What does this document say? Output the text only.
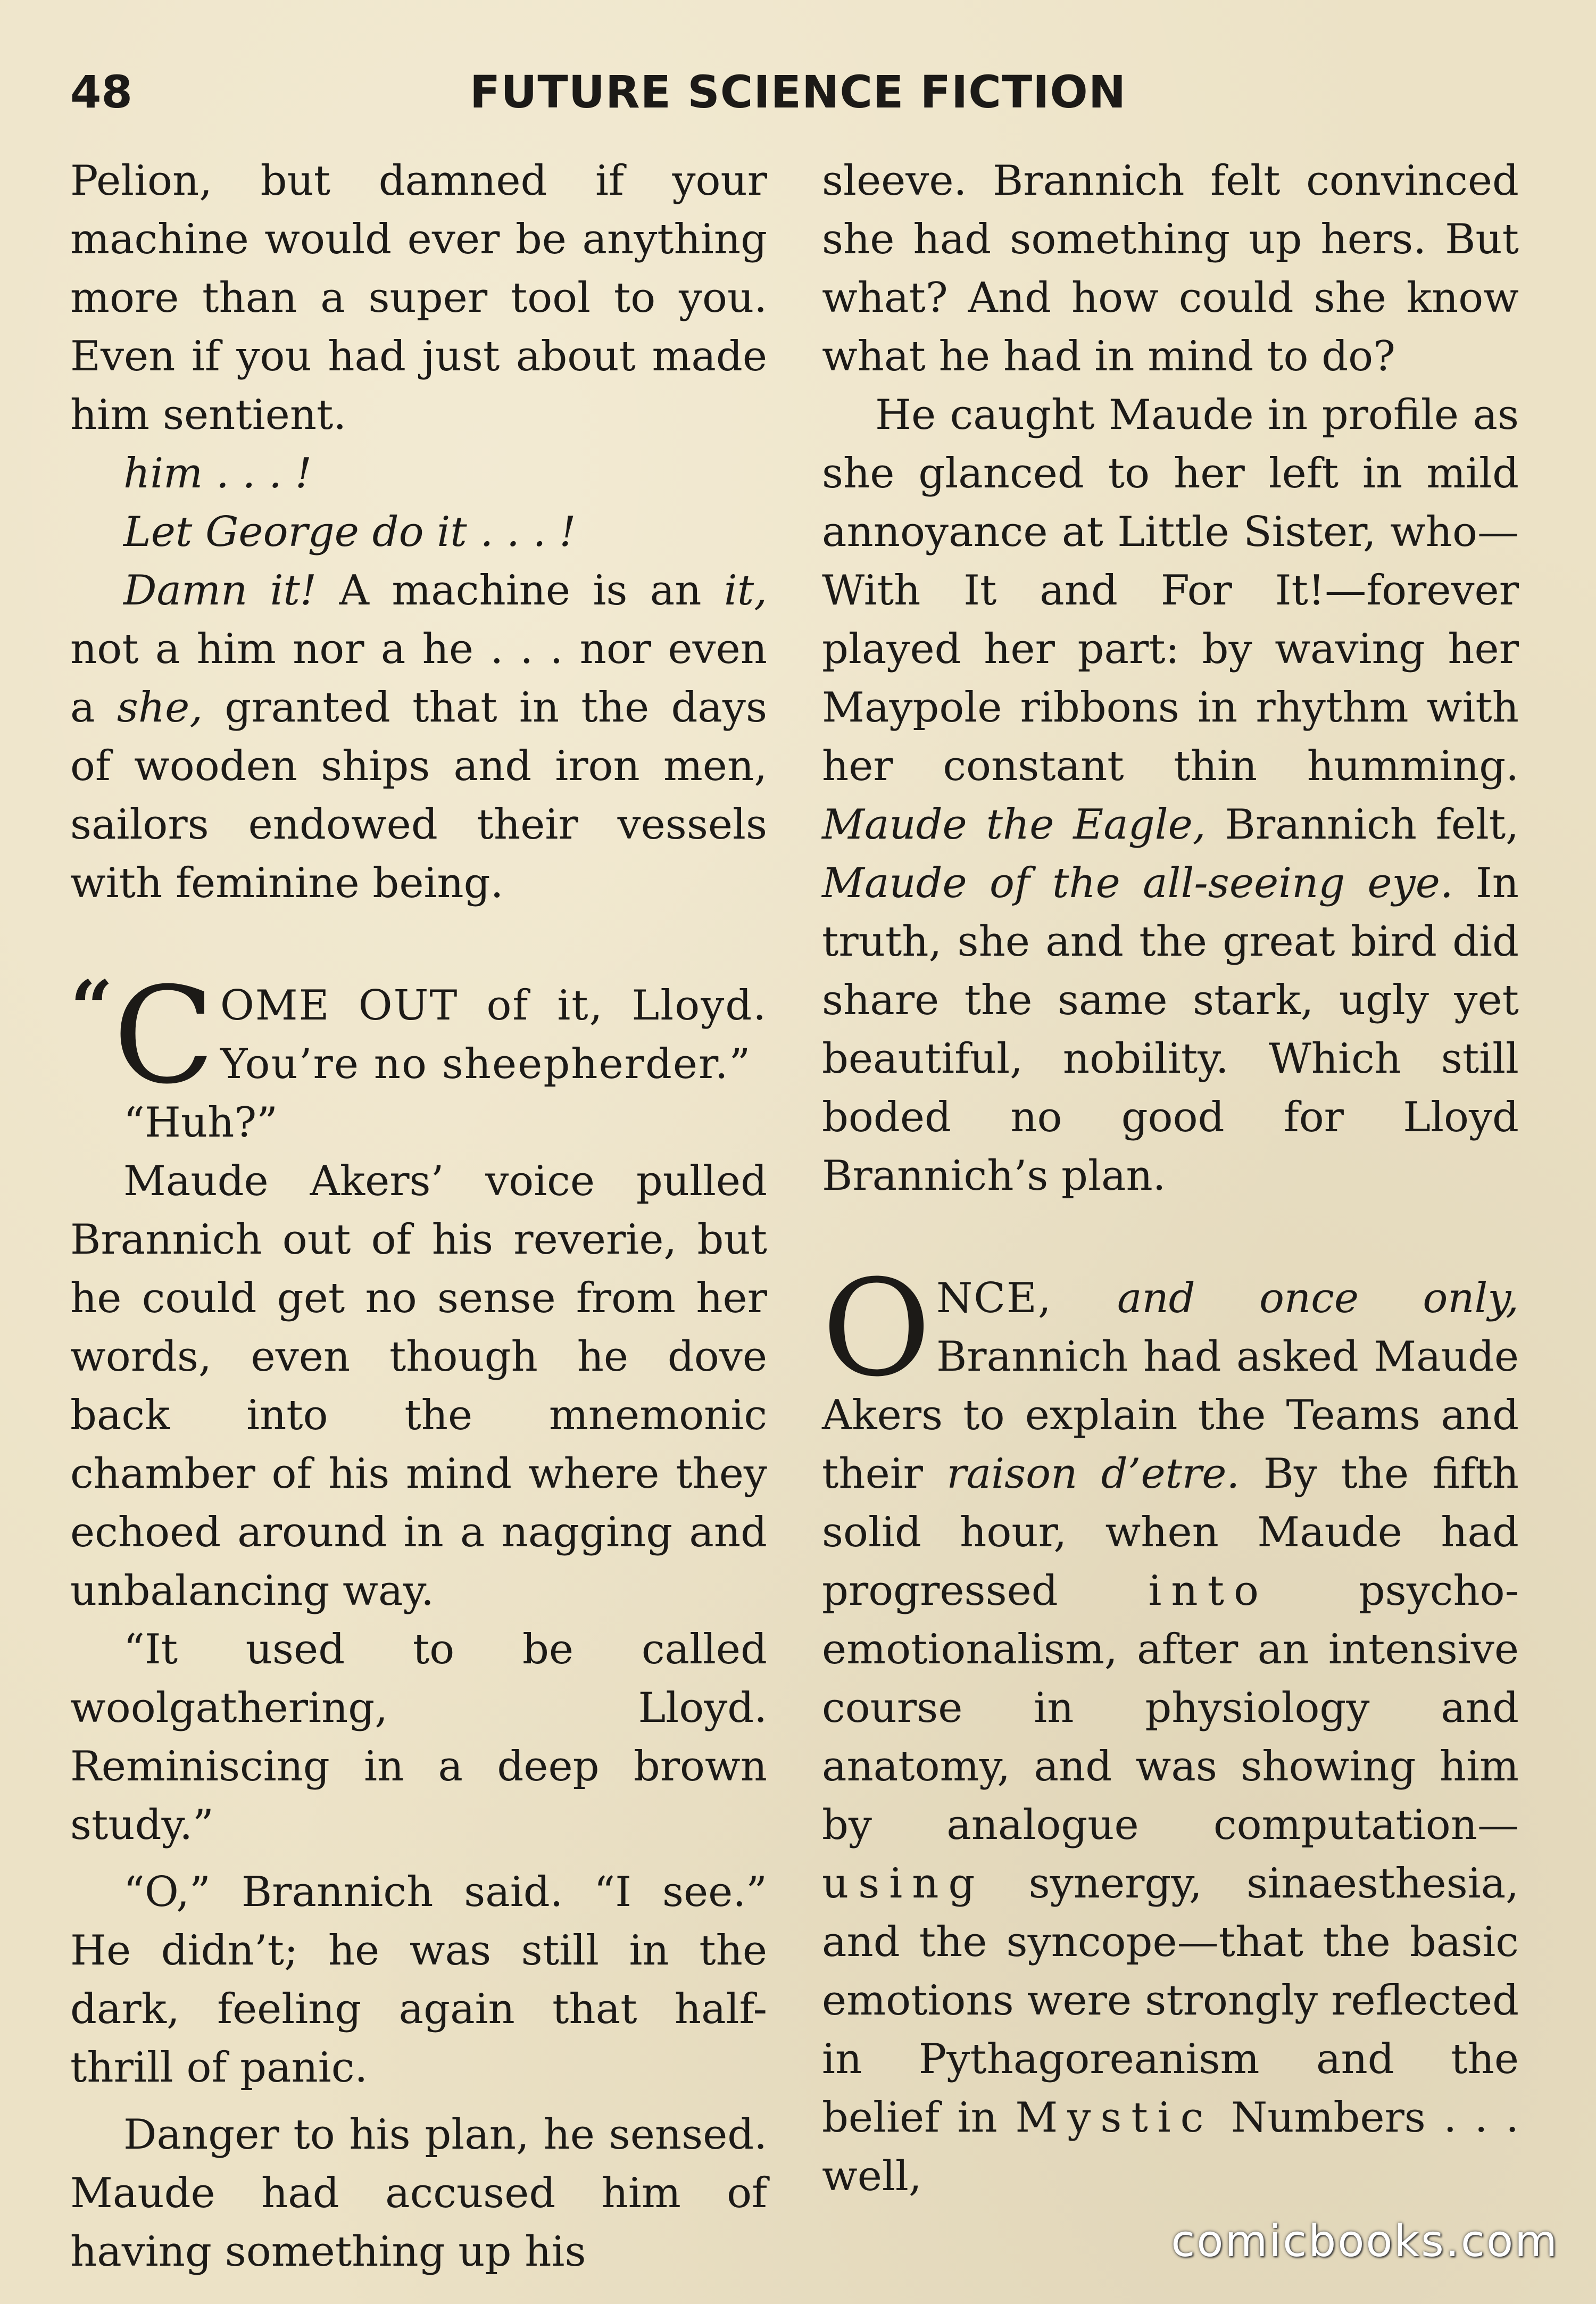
48	FUTURE SCIENCE FICTION

Pelion, but damned if your machine would ever be anything more than a super tool to you. Even if you had just about made him sentient.

him . . . !

Let George do it . . . !

Damn it! A machine is an it, not a him nor a he . . . nor even a she, granted that in the days of wooden ships and iron men, sailors endowed their vessels with feminine being.

“ C OME OUT of it, Lloyd. You’re no sheepherder.”

“Huh?”

Maude Akers’ voice pulled Brannich out of his reverie, but he could get no sense from her words, even though he dove back into the mnemonic chamber of his mind where they echoed around in a nagging and unbalancing way.

“It used to be called woolgathering, Lloyd. Reminiscing in a deep brown study.”

“O,” Brannich said. “I see.” He didn’t; he was still in the dark, feeling again that half-thrill of panic.

Danger to his plan, he sensed. Maude had accused him of having something up his

sleeve. Brannich felt convinced she had something up hers. But what? And how could she know what he had in mind to do?

He caught Maude in profile as she glanced to her left in mild annoyance at Little Sister, who—With It and For It!—forever played her part: by waving her Maypole ribbons in rhythm with her constant thin humming. Maude the Eagle, Brannich felt, Maude of the all-seeing eye. In truth, she and the great bird did share the same stark, ugly yet beautiful, nobility. Which still boded no good for Lloyd Brannich’s plan.

ONCE, and once only, Brannich had asked Maude Akers to explain the Teams and their raison d’etre. By the fifth solid hour, when Maude had progressed into psycho-emotionalism, after an intensive course in physiology and anatomy, and was showing him by analogue computation—using synergy, sinaesthesia, and the syncope—that the basic emotions were strongly reflected in Pythagoreanism and the belief in Mystic Numbers . . . well,

comicbooks.com
